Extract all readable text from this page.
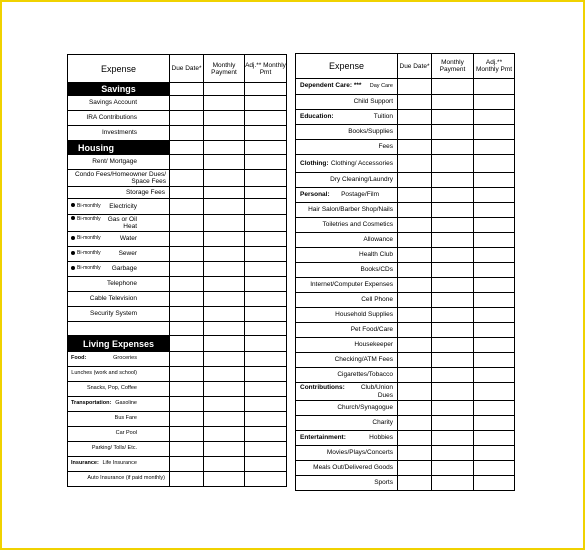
Expense	Due Date*	Monthly Payment	Adj.** Monthly Pmt
Savings			
Savings Account			
IRA Contributions			
Investments			
Housing			
Rent/ Mortgage			
Condo Fees/Homeowner Dues/ Space Fees			
Storage Fees			

Bi-monthly Electricity			

Bi-monthly Gas or Oil Heat			

Bi-monthly Water			

Bi-monthly Sewer			

Bi-monthly Garbage			
Telephone			
Cable Television			
Security System			

Living Expenses			

Food: Groceries			
Lunches (work and school)			
Snacks, Pop, Coffee			

Transportation: Gasoline			
Bus Fare			
Car Pool			
Parking/ Tolls/ Etc.			

Insurance: Life Insurance			
Auto Insurance (if paid monthly)			
Expense	Due Date*	Monthly Payment	Adj.** Monthly Pmt

Dependent Care: *** Day Care			
Child Support			

Education: Tuition			
Books/Supplies			
Fees			

Clothing: Clothing/ Accessories			
Dry Cleaning/Laundry			

Personal: Postage/Film			
Hair Salon/Barber Shop/Nails			
Toiletries and Cosmetics			
Allowance			
Health Club			
Books/CDs			
Internet/Computer Expenses			
Cell Phone			
Household Supplies			
Pet Food/Care			
Housekeeper			
Checking/ATM Fees			
Cigarettes/Tobacco			

Contributions: Club/Union Dues			
Church/Synagogue			
Charity			

Entertainment: Hobbies			
Movies/Plays/Concerts			
Meals Out/Delivered Goods			
Sports			
